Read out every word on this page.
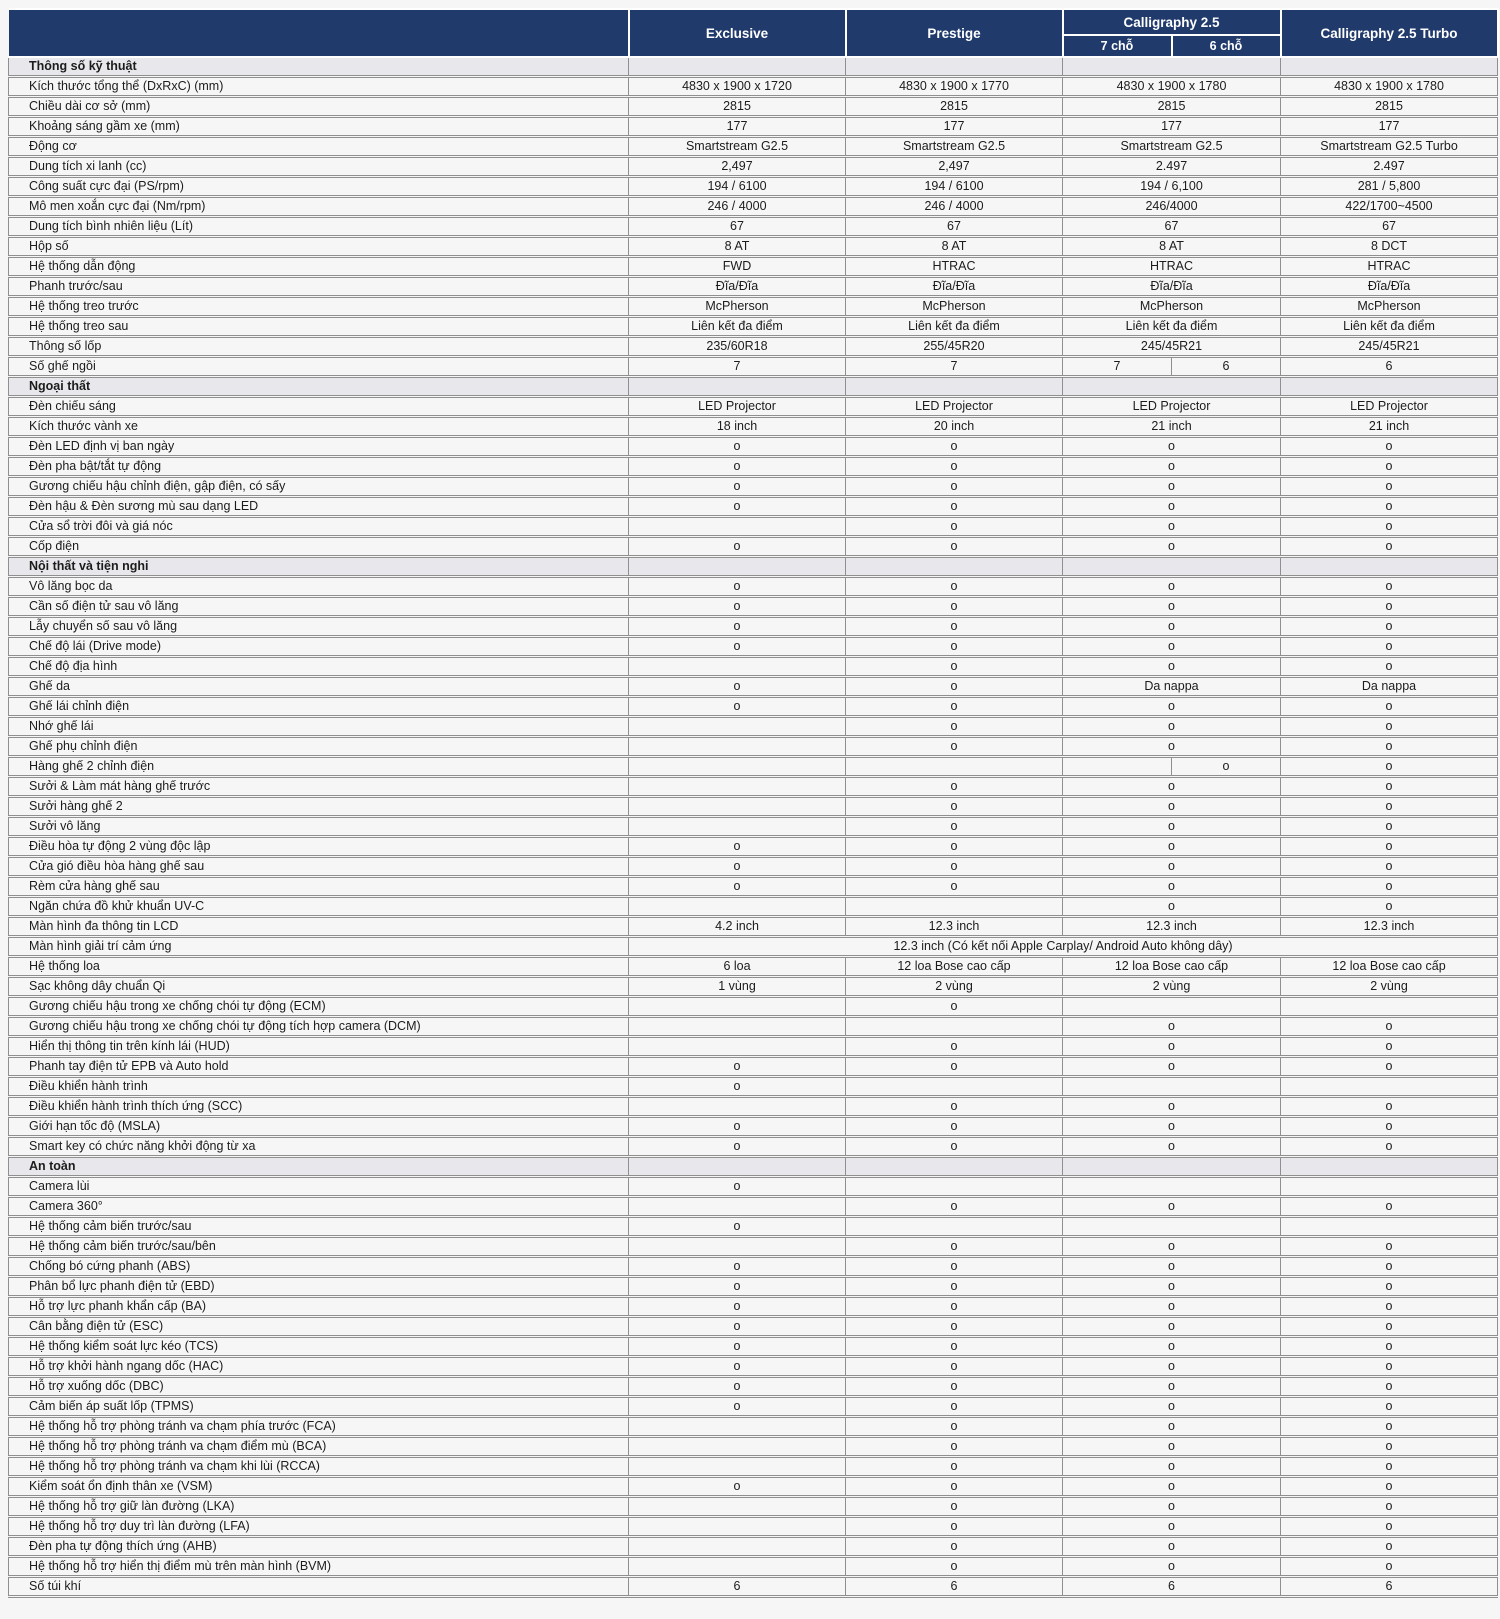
	Exclusive	Prestige	Calligraphy 2.5		Calligraphy 2.5 Turbo
			7 chỗ	6 chỗ	
Thông số kỹ thuật					
Kích thước tổng thể (DxRxC) (mm)	4830 x 1900 x 1720	4830 x 1900 x 1770	4830 x 1900 x 1780		4830 x 1900 x 1780
Chiều dài cơ sở (mm)	2815	2815	2815		2815
Khoảng sáng gầm xe (mm)	177	177	177		177
Động cơ	Smartstream G2.5	Smartstream G2.5	Smartstream G2.5		Smartstream G2.5 Turbo
Dung tích xi lanh (cc)	2,497	2,497	2.497		2.497
Công suất cực đại (PS/rpm)	194 / 6100	194 / 6100	194 / 6,100		281 / 5,800
Mô men xoắn cực đại (Nm/rpm)	246 / 4000	246 / 4000	246/4000		422/1700~4500
Dung tích bình nhiên liệu (Lít)	67	67	67		67
Hộp số	8 AT	8 AT	8 AT		8 DCT
Hệ thống dẫn động	FWD	HTRAC	HTRAC		HTRAC
Phanh trước/sau	Đĩa/Đĩa	Đĩa/Đĩa	Đĩa/Đĩa		Đĩa/Đĩa
Hệ thống treo trước	McPherson	McPherson	McPherson		McPherson
Hệ thống treo sau	Liên kết đa điểm	Liên kết đa điểm	Liên kết đa điểm		Liên kết đa điểm
Thông số lốp	235/60R18	255/45R20	245/45R21		245/45R21
Số ghế ngồi	7	7	7	6	6
Ngoại thất					
Đèn chiếu sáng	LED Projector	LED Projector	LED Projector		LED Projector
Kích thước vành xe	18 inch	20 inch	21 inch		21 inch
Đèn LED định vị ban ngày	o	o	o		o
Đèn pha bật/tắt tự động	o	o	o		o
Gương chiếu hậu chỉnh điện, gập điện, có sấy	o	o	o		o
Đèn hậu & Đèn sương mù sau dạng LED	o	o	o		o
Cửa sổ trời đôi và giá nóc		o	o		o
Cốp điện	o	o	o		o
Nội thất và tiện nghi					
Vô lăng bọc da	o	o	o		o
Cần số điện tử sau vô lăng	o	o	o		o
Lẫy chuyển số sau vô lăng	o	o	o		o
Chế độ lái (Drive mode)	o	o	o		o
Chế độ địa hình		o	o		o
Ghế da	o	o	Da nappa		Da nappa
Ghế lái chỉnh điện	o	o	o		o
Nhớ ghế lái		o	o		o
Ghế phụ chỉnh điện		o	o		o
Hàng ghế 2 chỉnh điện				o	o
Sưởi & Làm mát hàng ghế trước		o	o		o
Sưởi hàng ghế 2		o	o		o
Sưởi vô lăng		o	o		o
Điều hòa tự động 2 vùng độc lập	o	o	o		o
Cửa gió điều hòa hàng ghế sau	o	o	o		o
Rèm cửa hàng ghế sau	o	o	o		o
Ngăn chứa đồ khử khuẩn UV-C			o		o
Màn hình đa thông tin LCD	4.2 inch	12.3 inch	12.3 inch		12.3 inch
Màn hình giải trí cảm ứng	12.3 inch (Có kết nối Apple Carplay/ Android Auto không dây)				
Hệ thống loa	6 loa	12 loa Bose cao cấp	12 loa Bose cao cấp		12 loa Bose cao cấp
Sạc không dây chuẩn Qi	1 vùng	2 vùng	2 vùng		2 vùng
Gương chiếu hậu trong xe chống chói tự động (ECM)		o			
Gương chiếu hậu trong xe chống chói tự động tích hợp camera (DCM)			o		o
Hiển thị thông tin trên kính lái (HUD)		o	o		o
Phanh tay điện tử EPB và Auto hold	o	o	o		o
Điều khiển hành trình	o				
Điều khiển hành trình thích ứng (SCC)		o	o		o
Giới hạn tốc độ (MSLA)	o	o	o		o
Smart key có chức năng khởi động từ xa	o	o	o		o
An toàn					
Camera lùi	o				
Camera 360°		o	o		o
Hệ thống cảm biến trước/sau	o				
Hệ thống cảm biến trước/sau/bên		o	o		o
Chống bó cứng phanh (ABS)	o	o	o		o
Phân bổ lực phanh điện tử (EBD)	o	o	o		o
Hỗ trợ lực phanh khẩn cấp (BA)	o	o	o		o
Cân bằng điện tử (ESC)	o	o	o		o
Hệ thống kiểm soát lực kéo (TCS)	o	o	o		o
Hỗ trợ khởi hành ngang dốc (HAC)	o	o	o		o
Hỗ trợ xuống dốc (DBC)	o	o	o		o
Cảm biến áp suất lốp (TPMS)	o	o	o		o
Hệ thống hỗ trợ phòng tránh va chạm phía trước (FCA)		o	o		o
Hệ thống hỗ trợ phòng tránh va chạm điểm mù (BCA)		o	o		o
Hệ thống hỗ trợ phòng tránh va chạm khi lùi (RCCA)		o	o		o
Kiểm soát ổn định thân xe (VSM)	o	o	o		o
Hệ thống hỗ trợ giữ làn đường (LKA)		o	o		o
Hệ thống hỗ trợ duy trì làn đường (LFA)		o	o		o
Đèn pha tự động thích ứng (AHB)		o	o		o
Hệ thống hỗ trợ hiển thị điểm mù trên màn hình (BVM)		o	o		o
Số túi khí	6	6	6		6
